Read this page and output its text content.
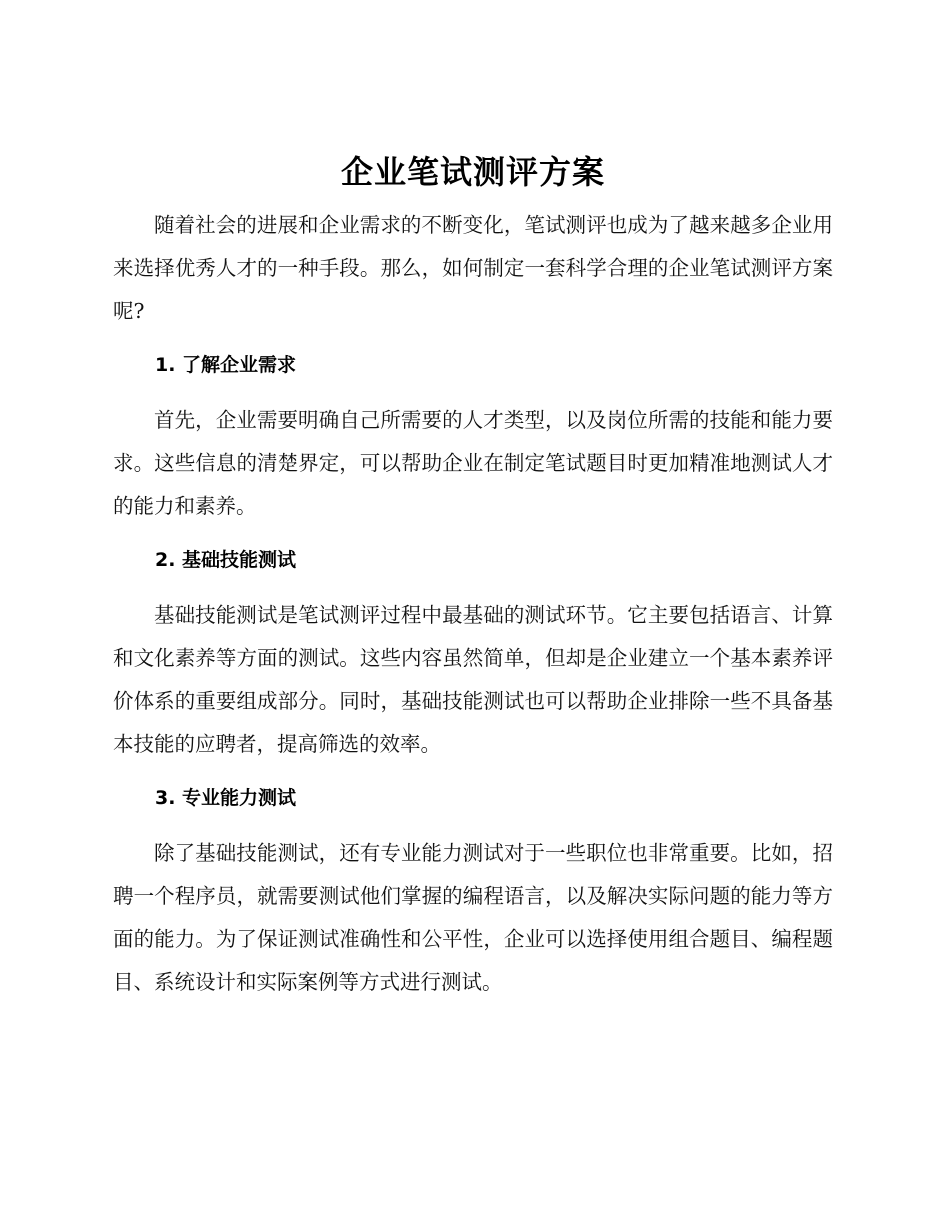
企业笔试测评方案

随着社会的进展和企业需求的不断变化，笔试测评也成为了越来越多企业用来选择优秀人才的一种手段。那么，如何制定一套科学合理的企业笔试测评方案呢?

1. 了解企业需求

首先，企业需要明确自己所需要的人才类型，以及岗位所需的技能和能力要求。这些信息的清楚界定，可以帮助企业在制定笔试题目时更加精准地测试人才的能力和素养。

2. 基础技能测试

基础技能测试是笔试测评过程中最基础的测试环节。它主要包括语言、计算和文化素养等方面的测试。这些内容虽然简单，但却是企业建立一个基本素养评价体系的重要组成部分。同时，基础技能测试也可以帮助企业排除一些不具备基本技能的应聘者，提高筛选的效率。

3. 专业能力测试

除了基础技能测试，还有专业能力测试对于一些职位也非常重要。比如，招聘一个程序员，就需要测试他们掌握的编程语言，以及解决实际问题的能力等方面的能力。为了保证测试准确性和公平性，企业可以选择使用组合题目、编程题目、系统设计和实际案例等方式进行测试。
